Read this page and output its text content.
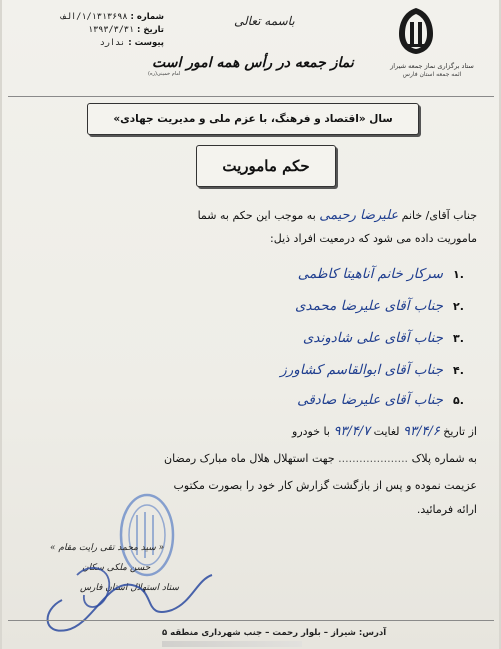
ستاد برگزاری نماز جمعه شیراز
ائمه جمعه استان فارس
باسمه تعالی
نماز جمعه در رأس همه امور است
امام خمینی(ره)
شماره :
۱/۱۳۱۳۶۹۸/الف
تاریخ :
۱۳۹۳/۳/۳۱
پیوست :
ندارد
سال «اقتصاد و فرهنگ، با عزم ملی و مدیریت جهادی»
حکم ماموریت
جناب آقای/ خانم علیرضا رحیمی به موجب این حکم به شما
ماموریت داده می شود که درمعیت افراد ذیل:
.۱
سرکار خانم آناهیتا کاظمی
.۲
جناب آقای علیرضا محمدی
.۳
جناب آقای علی شادوندی
.۴
جناب آقای ابوالقاسم کشاورز
.۵
جناب آقای علیرضا صادقی
از تاریخ ۹۳/۴/۶ لغایت ۹۳/۴/۷ با خودرو
به شماره پلاک .................... جهت استهلال هلال ماه مبارک رمضان
عزیمت نموده و پس از بازگشت گزارش کار خود را بصورت مکتوب
ارائه فرمائید.
« سید محمد تقی رایت مقام »
حسن ملکی سکان
ستاد استهلال استان فارس
آدرس: شیراز – بلوار رحمت – جنب شهرداری منطقه ۵
